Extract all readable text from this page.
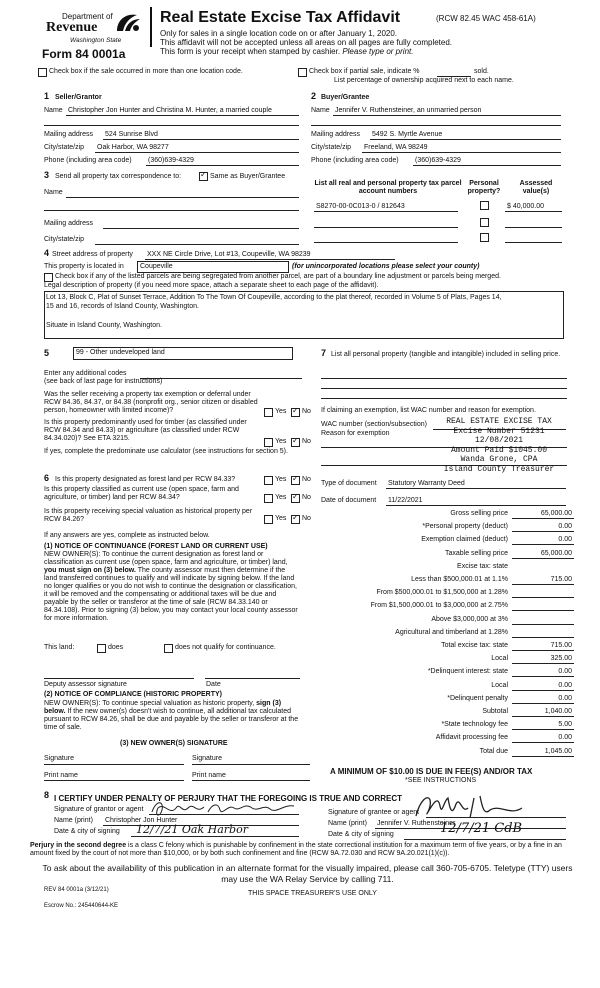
Department of
Revenue
Washington State
Form 84 0001a
Real Estate Excise Tax Affidavit	(RCW 82.45 WAC 458-61A)
Only for sales in a single location code on or after January 1, 2020.
This affidavit will not be accepted unless all areas on all pages are fully completed.
This form is your receipt when stamped by cashier. Please type or print.
Check box if the sale occurred in more than one location code.	Check box if partial sale, indicate %	sold.
List percentage of ownership acquired next to each name.
1 Seller/Grantor
Name Christopher Jon Hunter and Christina M. Hunter, a married couple
Mailing address 524 Sunrise Blvd
City/state/zip Oak Harbor, WA 98277
Phone (including area code) (360)639-4329
2 Buyer/Grantee
Name Jennifer V. Ruthensteiner, an unmarried person
Mailing address 5492 S. Myrtle Avenue
City/state/zip Freeland, WA 98249
Phone (including area code) (360)639-4329
3 Send all property tax correspondence to: ✓	Same as Buyer/Grantee
Name
Mailing address
City/state/zip
List all real and personal property tax parcel account numbers
Personal property?
Assessed value(s)
S8270-00-0C013-0 / 812643	$ 40,000.00
4 Street address of property XXX NE Circle Drive, Lot #13, Coupeville, WA 98239
This property is located in Coupeville	(for unincorporated locations please select your county)
Check box if any of the listed parcels are being segregated from another parcel, are part of a boundary line adjustment or parcels being merged.
Legal description of property (if you need more space, attach a separate sheet to each page of the affidavit).
Lot 13, Block C, Plat of Sunset Terrace, Addition To The Town Of Coupeville, according to the plat thereof, recorded in Volume 5 of Plats, Pages 14,
15 and 16, records of Island County, Washington.
Situate in Island County, Washington.
5	99 - Other undeveloped land
Enter any additional codes
(see back of last page for instructions)
Was the seller receiving a property tax exemption or deferral under RCW 84.36, 84.37, or 84.38 (nonprofit org., senior citizen or disabled person, homeowner with limited income)?	Yes ✓ No
Is this property predominantly used for timber (as classified under RCW 84.34 and 84.33) or agriculture (as classified under RCW 84.34.020)? See ETA 3215.	Yes ✓ No
If yes, complete the predominate use calculator (see instructions for section 5).
6 Is this property designated as forest land per RCW 84.33?	Yes ✓ No
Is this property classified as current use (open space, farm and agriculture, or timber) land per RCW 84.34?	Yes ✓ No
Is this property receiving special valuation as historical property per RCW 84.26?	Yes ✓ No
If any answers are yes, complete as instructed below.
(1) NOTICE OF CONTINUANCE (FOREST LAND OR CURRENT USE)
NEW OWNER(S): To continue the current designation as forest land or classification as current use (open space, farm and agriculture, or timber) land, you must sign on (3) below. The county assessor must then determine if the land transferred continues to qualify and will indicate by signing below. If the land no longer qualifies or you do not wish to continue the designation or classification, it will be removed and the compensating or additional taxes will be due and payable by the seller or transferor at the time of sale (RCW 84.33.140 or 84.34.108). Prior to signing (3) below, you may contact your local county assessor for more information.
This land:	does	does not qualify for continuance.
Deputy assessor signature	Date
(2) NOTICE OF COMPLIANCE (HISTORIC PROPERTY)
NEW OWNER(S): To continue special valuation as historic property, sign (3) below. If the new owner(s) doesn't wish to continue, all additional tax calculated pursuant to RCW 84.26, shall be due and payable by the seller or transferor at the time of sale.
(3) NEW OWNER(S) SIGNATURE
Signature	Signature
Print name	Print name
7 List all personal property (tangible and intangible) included in selling price.
If claiming an exemption, list WAC number and reason for exemption.
WAC number (section/subsection)
Reason for exemption
REAL ESTATE EXCISE TAX
Excise Number 51231
12/08/2021
Amount Paid $1045.00
Wanda Grone, CPA
Island County Treasurer
Type of document Statutory Warranty Deed
Date of document 11/22/2021
Gross selling price	65,000.00
*Personal property (deduct)	0.00
Exemption claimed (deduct)	0.00
Taxable selling price	65,000.00
Excise tax: state
Less than $500,000.01 at 1.1%	715.00
From $500,000.01 to $1,500,000 at 1.28%
From $1,500,000.01 to $3,000,000 at 2.75%
Above $3,000,000 at 3%
Agricultural and timberland at 1.28%
Total excise tax: state	715.00
Local	325.00
*Delinquent interest: state	0.00
Local	0.00
*Delinquent penalty	0.00
Subtotal	1,040.00
*State technology fee	5.00
Affidavit processing fee	0.00
Total due	1,045.00
A MINIMUM OF $10.00 IS DUE IN FEE(S) AND/OR TAX
*SEE INSTRUCTIONS
8 I CERTIFY UNDER PENALTY OF PERJURY THAT THE FOREGOING IS TRUE AND CORRECT
Signature of grantor or agent
Name (print) Christopher Jon Hunter
Date & city of signing 12/7/21 Oak Harbor
Signature of grantee or agent
Name (print) Jennifer V. Ruthensteiner
Date & city of signing	12/7/21 CdB
Perjury in the second degree is a class C felony which is punishable by confinement in the state correctional institution for a maximum term of five years, or by a fine in an amount fixed by the court of not more than $10,000, or by both such confinement and fine (RCW 9A.72.030 and RCW 9A.20.021(1)(c)).
To ask about the availability of this publication in an alternate format for the visually impaired, please call 360-705-6705. Teletype (TTY) users may use the WA Relay Service by calling 711.
REV 84 0001a (3/12/21)	THIS SPACE TREASURER'S USE ONLY
Escrow No.: 245440644-KE
